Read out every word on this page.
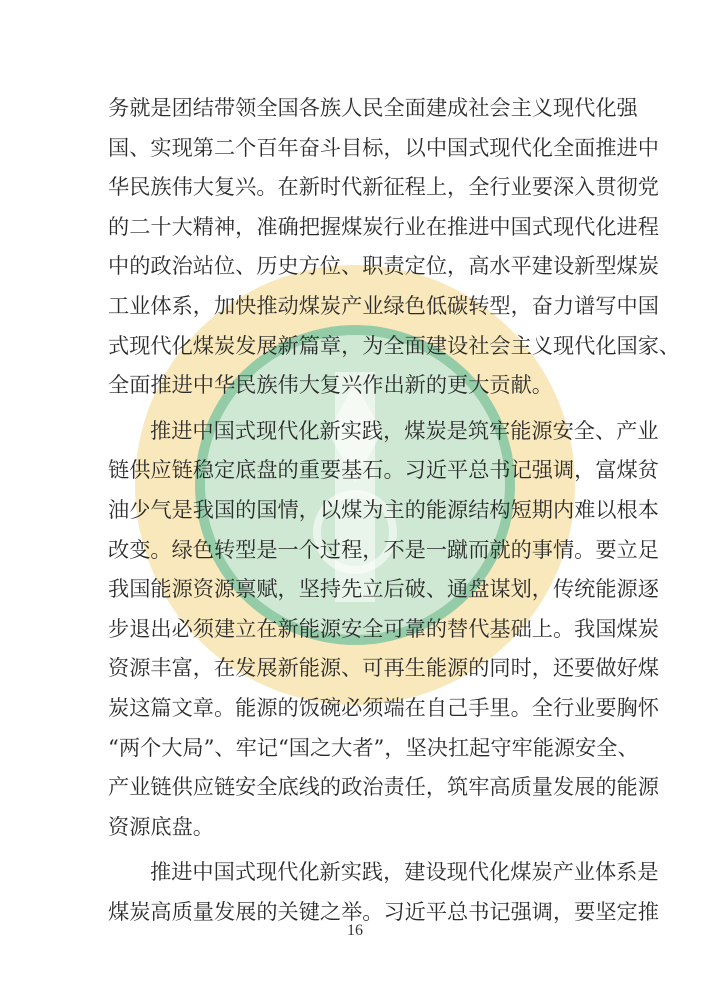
务就是团结带领全国各族人民全面建成社会主义现代化强
国、实现第二个百年奋斗目标，以中国式现代化全面推进中
华民族伟大复兴。在新时代新征程上，全行业要深入贯彻党
的二十大精神，准确把握煤炭行业在推进中国式现代化进程
中的政治站位、历史方位、职责定位，高水平建设新型煤炭
工业体系，加快推动煤炭产业绿色低碳转型，奋力谱写中国
式现代化煤炭发展新篇章，为全面建设社会主义现代化国家、
全面推进中华民族伟大复兴作出新的更大贡献。
推进中国式现代化新实践，煤炭是筑牢能源安全、产业
链供应链稳定底盘的重要基石。习近平总书记强调，富煤贫
油少气是我国的国情，以煤为主的能源结构短期内难以根本
改变。绿色转型是一个过程，不是一蹴而就的事情。要立足
我国能源资源禀赋，坚持先立后破、通盘谋划，传统能源逐
步退出必须建立在新能源安全可靠的替代基础上。我国煤炭
资源丰富，在发展新能源、可再生能源的同时，还要做好煤
炭这篇文章。能源的饭碗必须端在自己手里。全行业要胸怀
“两个大局”、牢记“国之大者”，坚决扛起守牢能源安全、
产业链供应链安全底线的政治责任，筑牢高质量发展的能源
资源底盘。
推进中国式现代化新实践，建设现代化煤炭产业体系是
煤炭高质量发展的关键之举。习近平总书记强调，要坚定推
16
